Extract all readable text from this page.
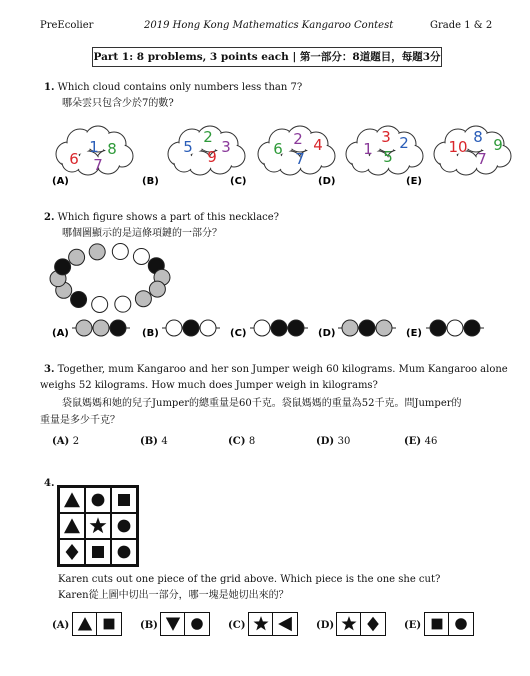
PreEcolier	2019 Hong Kong Mathematics Kangaroo Contest	Grade 1 & 2
Part 1: 8 problems, 3 points each | 第一部分：8道題目，每題3分
1. Which cloud contains only numbers less than 7?
哪朵雲只包含少於7的數?
6
1 8
7
(A)
5
2
3
9
(B)
6
2 4
7
(C)
1
3 2
5
(D)
10
8 9
7
(E)
2. Which figure shows a part of this necklace?
哪個圖顯示的是這條項鏈的一部分？
(A)	(B)	(C)	(D)	(E)
3. Together, mum Kangaroo and her son Jumper weigh 60 kilograms. Mum Kangaroo alone
weighs 52 kilograms. How much does Jumper weigh in kilograms?
袋鼠媽媽和她的兒子Jumper的總重量是60千克。袋鼠媽媽的重量為52千克。問Jumper的
重量是多少千克？
(A) 2	(B) 4	(C) 8	(D) 30	(E) 46
4.
Karen cuts out one piece of the grid above. Which piece is the one she cut?
Karen從上圖中切出一部分，哪一塊是她切出來的？
(A)	(B)	(C)	(D)	(E)
